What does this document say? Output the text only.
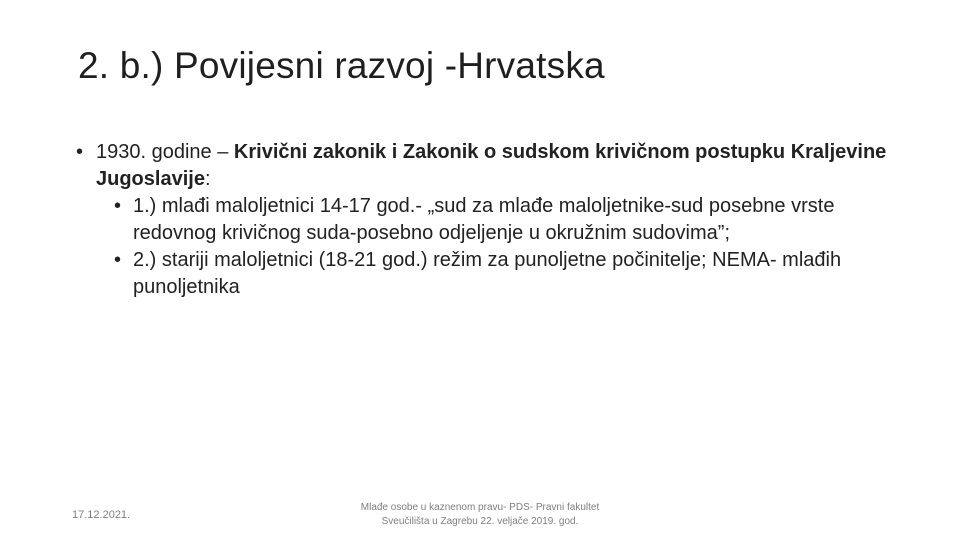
2. b.) Povijesni razvoj -Hrvatska
• 1930. godine – Krivični zakonik i Zakonik o sudskom krivičnom postupku Kraljevine Jugoslavije:
• 1.) mlađi maloljetnici 14-17 god.- „sud za mlađe maloljetnike-sud posebne vrste redovnog krivičnog suda-posebno odjeljenje u okružnim sudovima”;
• 2.) stariji maloljetnici (18-21 god.) režim za punoljetne počinitelje; NEMA- mlađih punoljetnika
17.12.2021.
Mlađe osobe u kaznenom pravu- PDS- Pravni fakultet
Sveučilišta u Zagrebu 22. veljače 2019. god.
